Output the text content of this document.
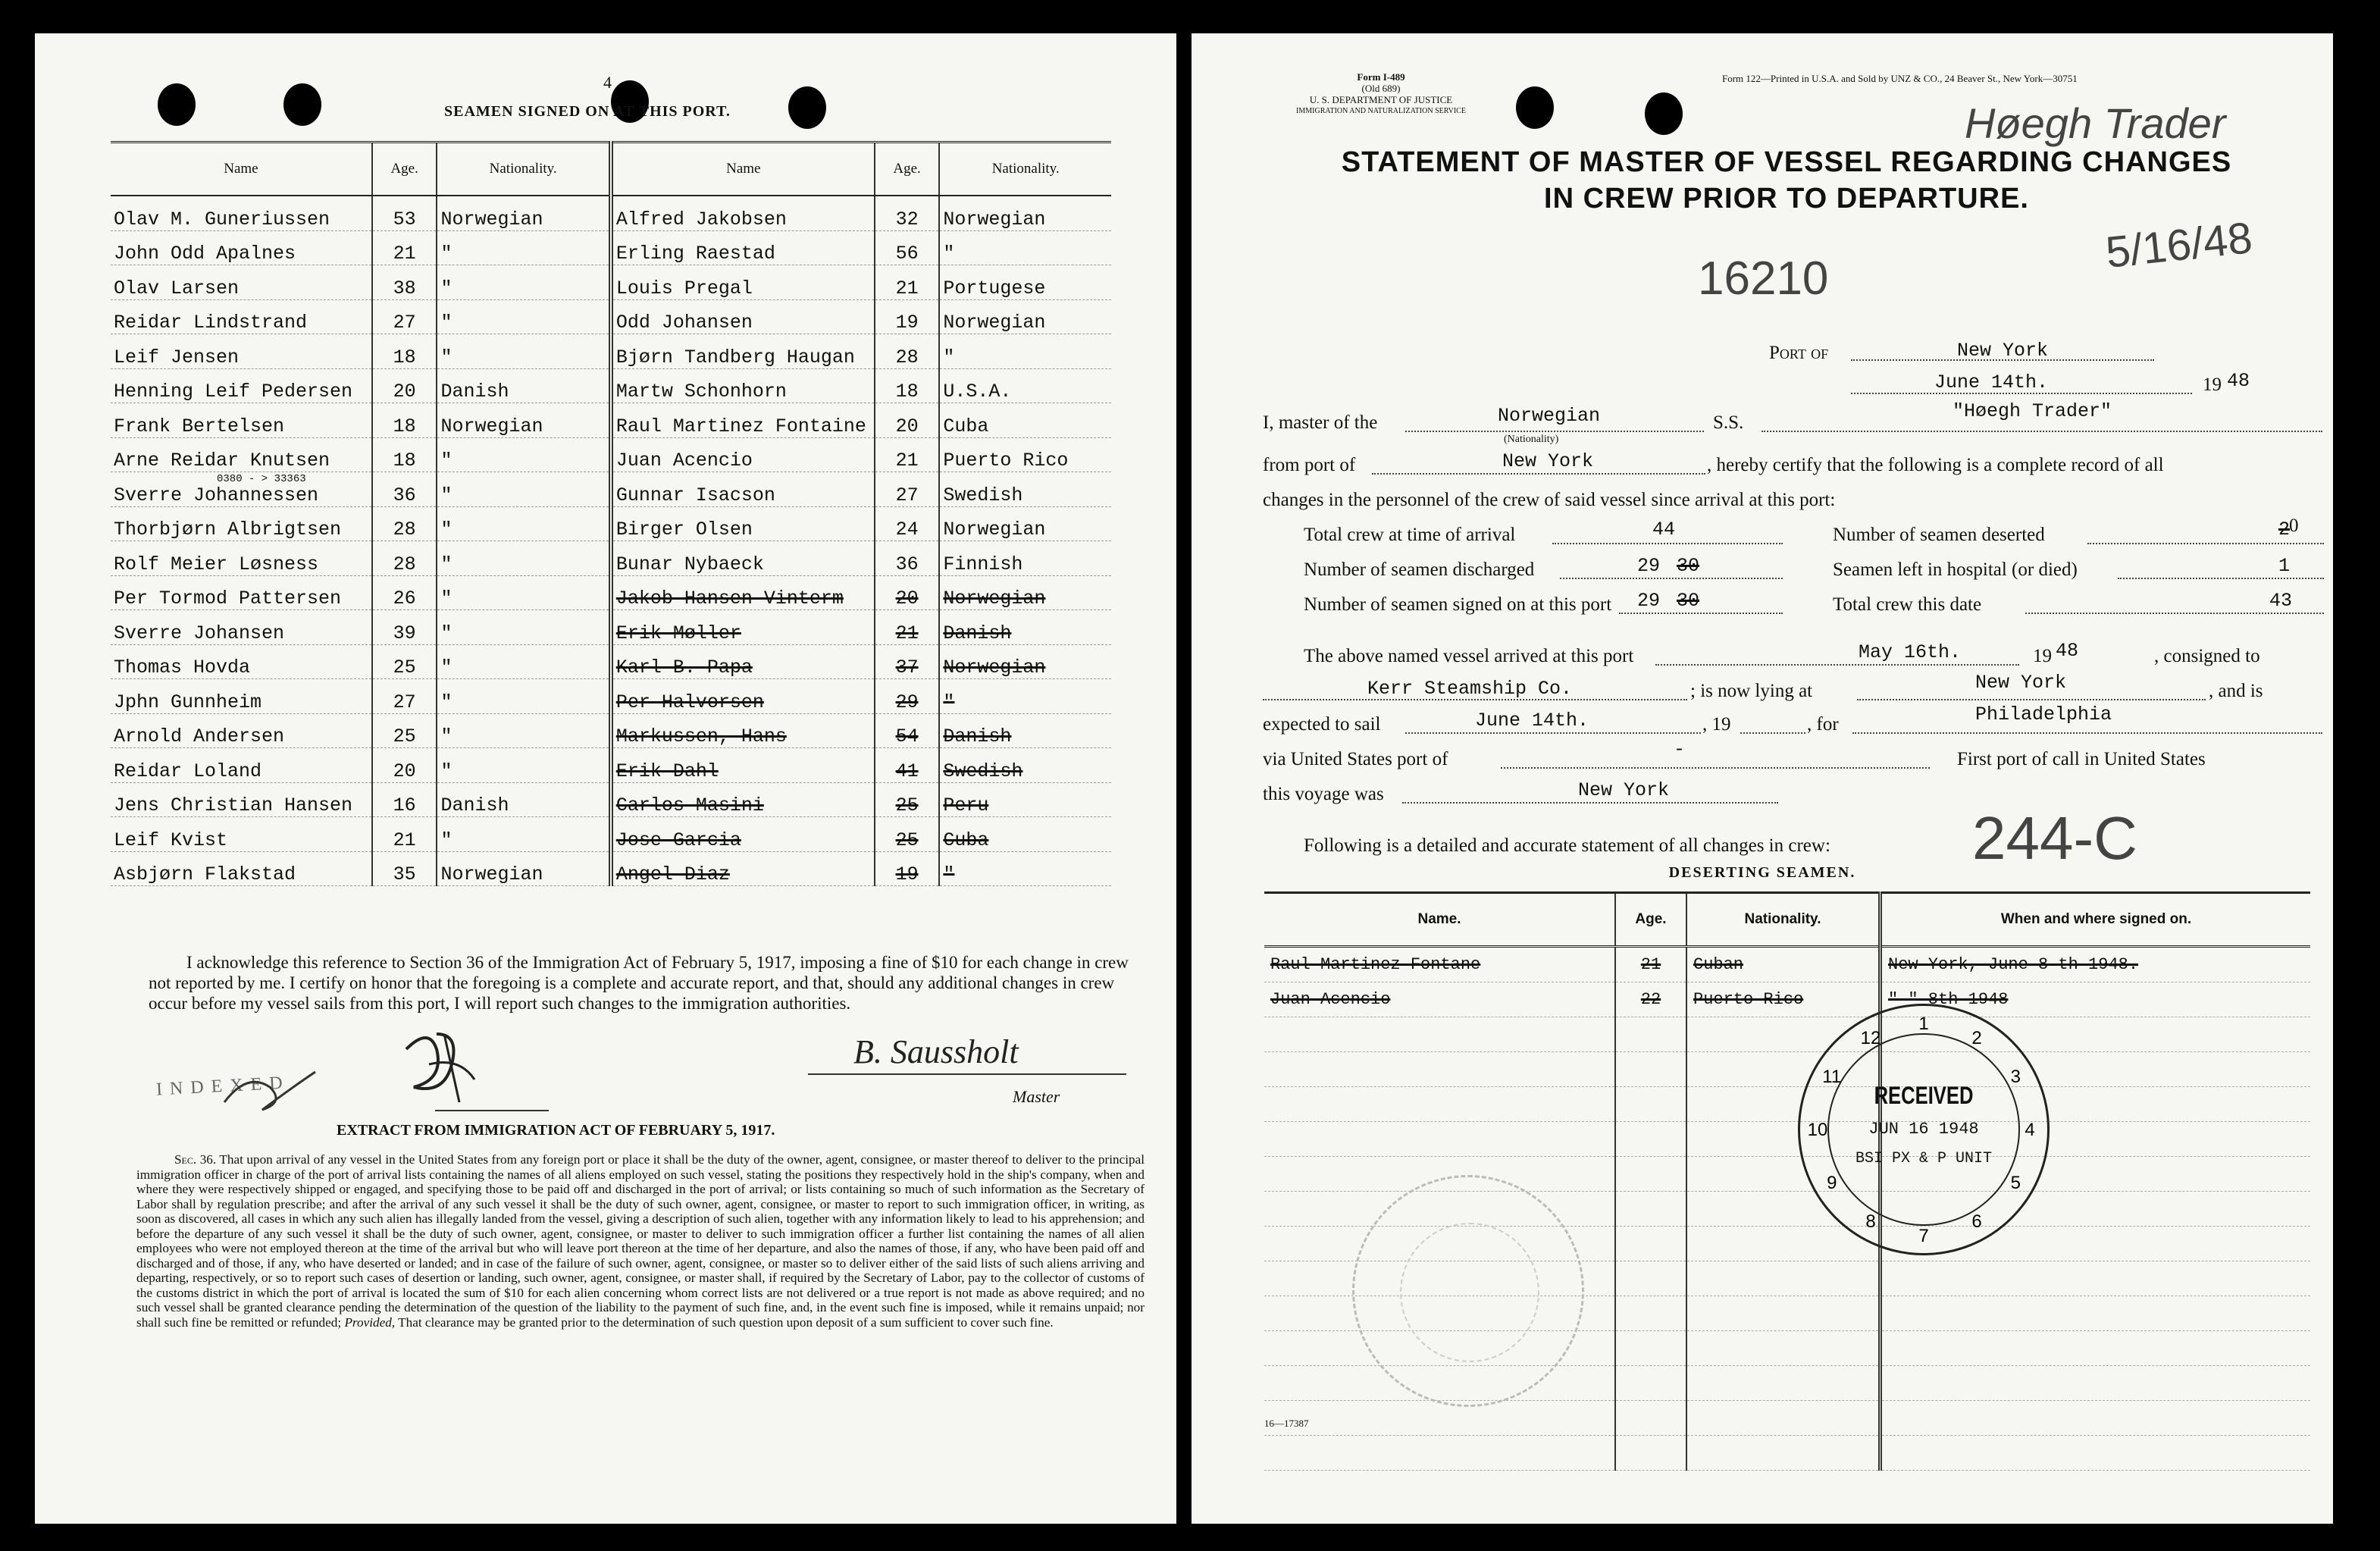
4
SEAMEN SIGNED ON AT THIS PORT.
Name	Age.	Nationality.	Name	Age.	Nationality.
Olav M. Guneriussen	53	Norwegian	Alfred Jakobsen	32	Norwegian
John Odd Apalnes	21	"	Erling Raestad	56	"
Olav Larsen	38	"	Louis Pregal	21	Portugese
Reidar Lindstrand	27	"	Odd Johansen	19	Norwegian
Leif Jensen	18	"	Bjørn Tandberg Haugan	28	"
Henning Leif Pedersen	20	Danish	Martw Schonhorn	18	U.S.A.
Frank Bertelsen	18	Norwegian	Raul Martinez Fontaine	20	Cuba
Arne Reidar Knutsen	18	"	Juan Acencio	21	Puerto Rico
Sverre Johannessen	36	"	Gunnar Isacson	27	Swedish
Thorbjørn Albrigtsen	28	"	Birger Olsen	24	Norwegian
Rolf Meier Løsness	28	"	Bunar Nybaeck	36	Finnish
Per Tormod Pattersen	26	"	Jakob Hansen Vinterm	20	Norwegian
Sverre Johansen	39	"	Erik Møller	21	Danish
Thomas Hovda	25	"	Karl B. Papa	37	Norwegian
Jphn Gunnheim	27	"	Per Halvorsen	29	"
Arnold Andersen	25	"	Markussen, Hans	54	Danish
Reidar Loland	20	"	Erik Dahl	41	Swedish
Jens Christian Hansen	16	Danish	Carlos Masini	25	Peru
Leif Kvist	21	"	Jose Garcia	25	Cuba
Asbjørn Flakstad	35	Norwegian	Angel Diaz	19	"
0380 - > 33363
I acknowledge this reference to Section 36 of the Immigration Act of February 5, 1917, imposing a fine of $10 for each change in crew not reported by me. I certify on honor that the foregoing is a complete and accurate report, and that, should any additional changes in crew occur before my vessel sails from this port, I will report such changes to the immigration authorities.
B. Saussholt
Master
INDEXED
EXTRACT FROM IMMIGRATION ACT OF FEBRUARY 5, 1917.
Sec. 36. That upon arrival of any vessel in the United States from any foreign port or place it shall be the duty of the owner, agent, consignee, or master thereof to deliver to the principal immigration officer in charge of the port of arrival lists containing the names of all aliens employed on such vessel, stating the positions they respectively hold in the ship's company, when and where they were respectively shipped or engaged, and specifying those to be paid off and discharged in the port of arrival; or lists containing so much of such information as the Secretary of Labor shall by regulation prescribe; and after the arrival of any such vessel it shall be the duty of such owner, agent, consignee, or master to report to such immigration officer, in writing, as soon as discovered, all cases in which any such alien has illegally landed from the vessel, giving a description of such alien, together with any information likely to lead to his apprehension; and before the departure of any such vessel it shall be the duty of such owner, agent, consignee, or master to deliver to such immigration officer a further list containing the names of all alien employees who were not employed thereon at the time of the arrival but who will leave port thereon at the time of her departure, and also the names of those, if any, who have been paid off and discharged and of those, if any, who have deserted or landed; and in case of the failure of such owner, agent, consignee, or master so to deliver either of the said lists of such aliens arriving and departing, respectively, or so to report such cases of desertion or landing, such owner, agent, consignee, or master shall, if required by the Secretary of Labor, pay to the collector of customs of the customs district in which the port of arrival is located the sum of $10 for each alien concerning whom correct lists are not delivered or a true report is not made as above required; and no such vessel shall be granted clearance pending the determination of the question of the liability to the payment of such fine, and, in the event such fine is imposed, while it remains unpaid; nor shall such fine be remitted or refunded; Provided, That clearance may be granted prior to the determination of such question upon deposit of a sum sufficient to cover such fine.
Form I-489
(Old 689)
U. S. DEPARTMENT OF JUSTICE
IMMIGRATION AND NATURALIZATION SERVICE
Form 122—Printed in U.S.A. and Sold by UNZ & CO., 24 Beaver St., New York—30751
Høegh Trader
5/16/48
16210
244-C
STATEMENT OF MASTER OF VESSEL REGARDING CHANGES
IN CREW PRIOR TO DEPARTURE.
Port of	New York
June 14th.	19 48
I, master of the	Norwegian
(Nationality)
S.S.
"Høegh Trader"
from port of	New York	, hereby certify that the following is a complete record of all
changes in the personnel of the crew of said vessel since arrival at this port:
Total crew at time of arrival	44
Number of seamen discharged	29 30
Number of seamen signed on at this port 29 30
Number of seamen deserted	2
0
Seamen left in hospital (or died)	1
Total crew this date	43
The above named vessel arrived at this port	May 16th.	19 48	, consigned to
Kerr Steamship Co.	; is now lying at	New York	, and is
expected to sail	June 14th.	, 19	, for	Philadelphia
via United States port of	-	First port of call in United States
this voyage was	New York
Following is a detailed and accurate statement of all changes in crew:
DESERTING SEAMEN.
Name.	Age.	Nationality.	When and where signed on.
Raul Martinez Fontane	21	Cuban	New York, June 8 th 1948.
Juan Acencio	22	Puerto Rico	" " 8th 1948

1
2
3
4
5
6
7
8
9
10
11
12
RECEIVED
JUN 16 1948
BSI PX & P UNIT
16—17387
